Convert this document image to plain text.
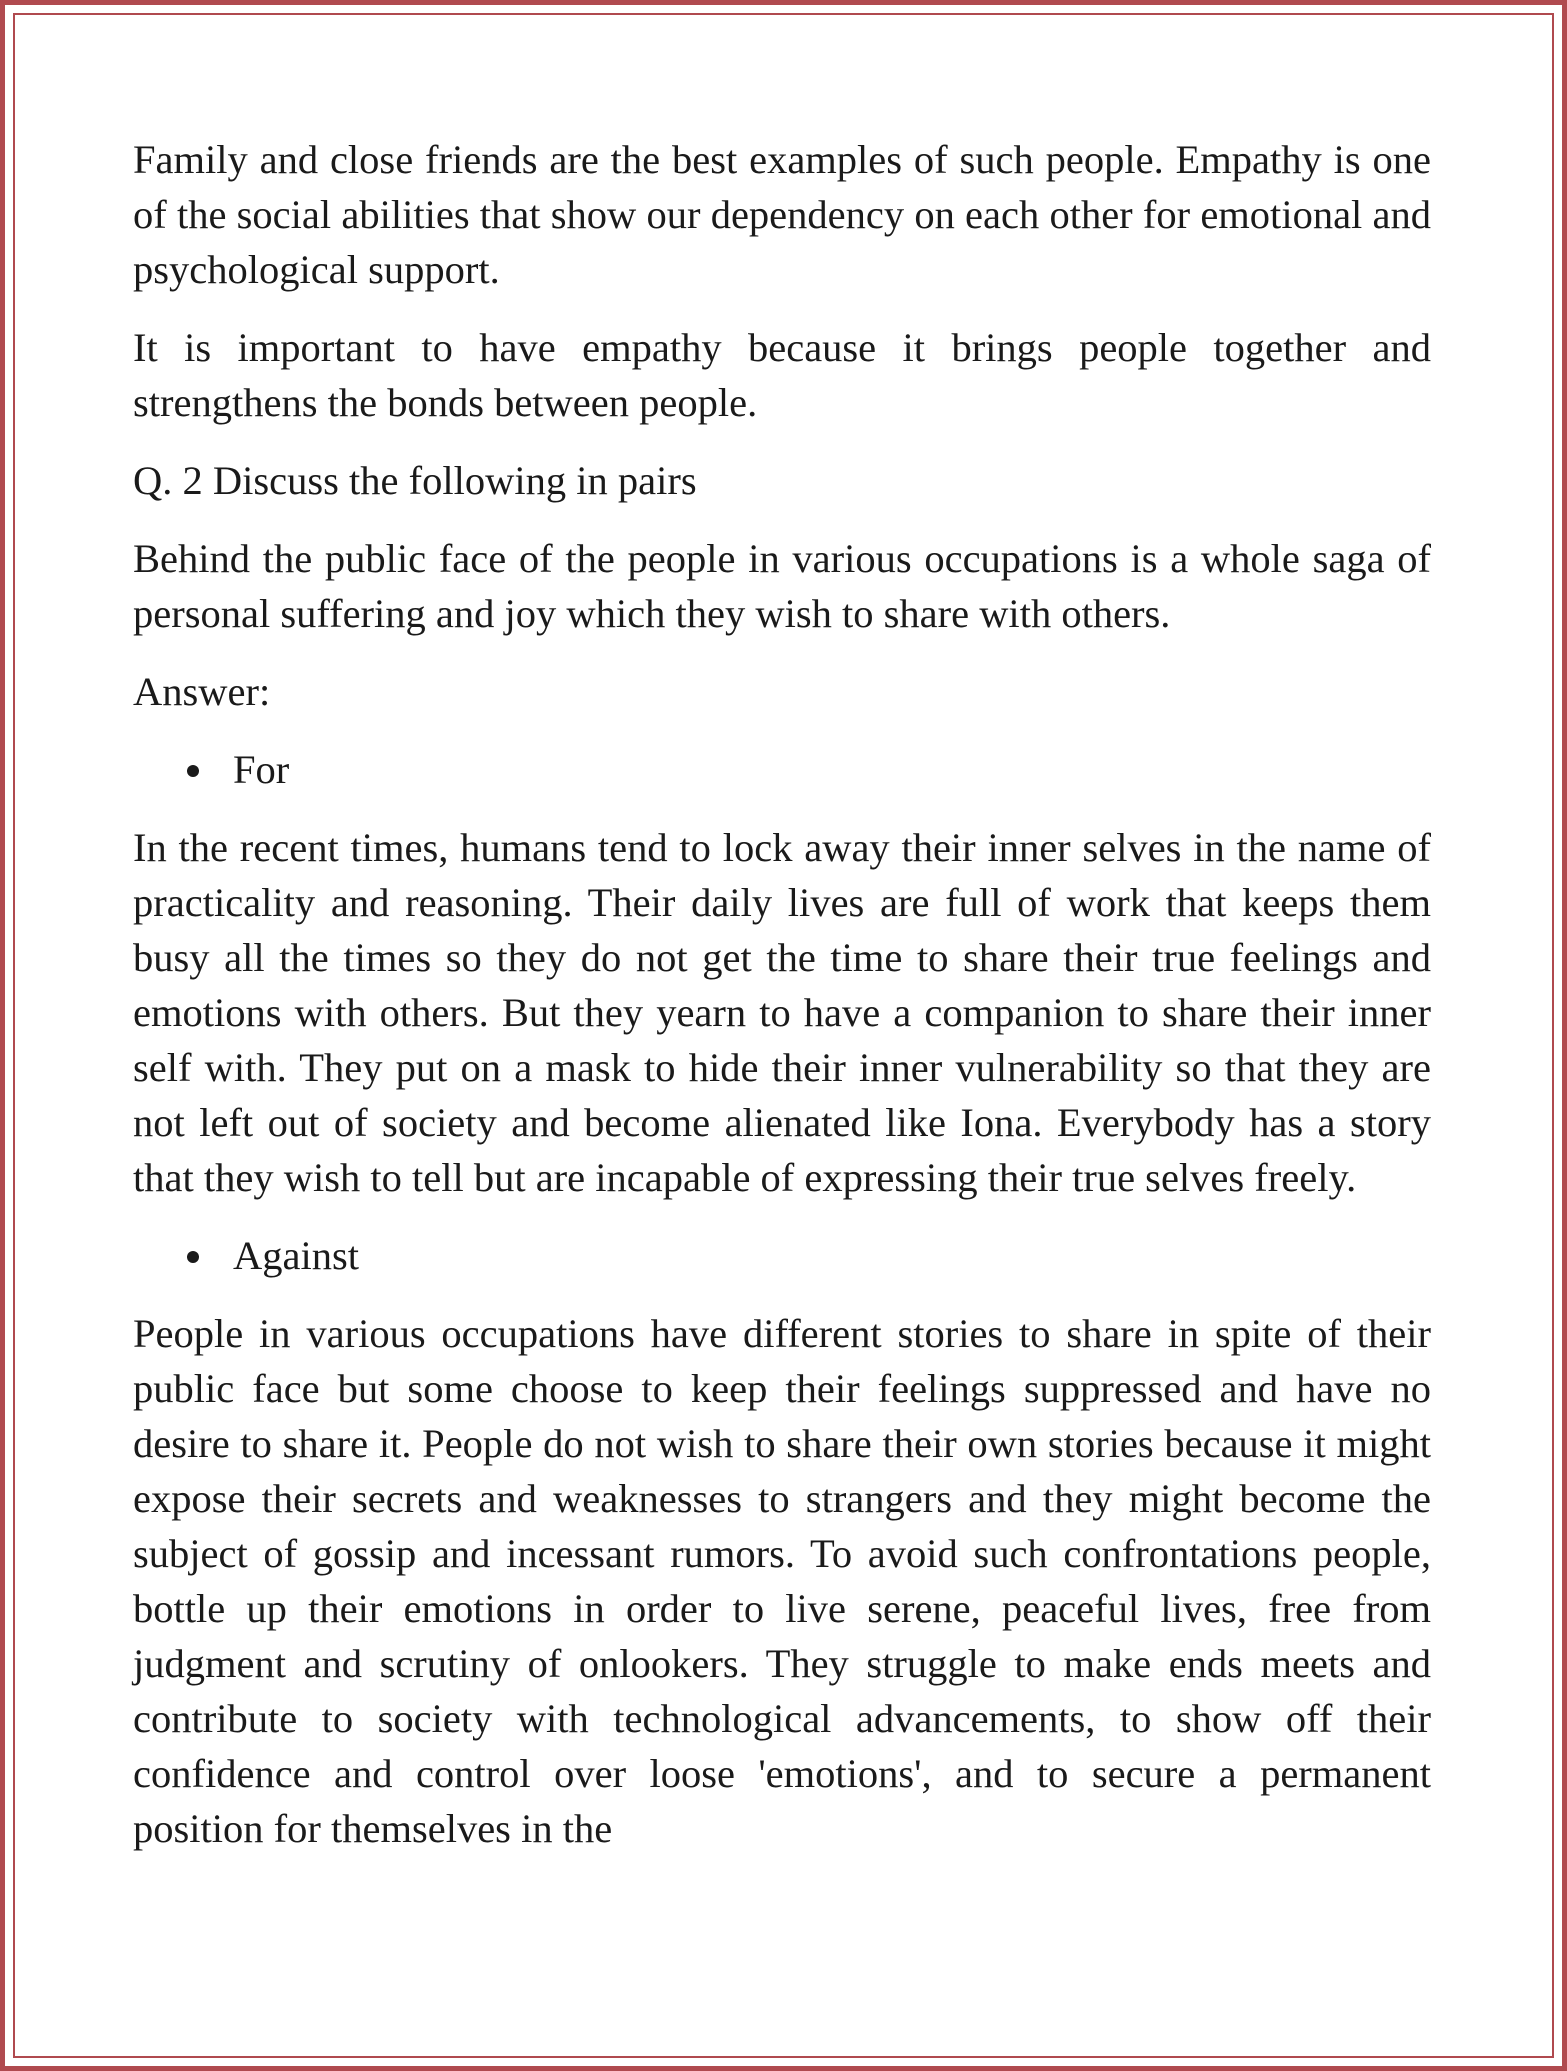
Family and close friends are the best examples of such people. Empathy is one of the social abilities that show our dependency on each other for emotional and psychological support.

It is important to have empathy because it brings people together and strengthens the bonds between people.

Q. 2 Discuss the following in pairs

Behind the public face of the people in various occupations is a whole saga of personal suffering and joy which they wish to share with others.

Answer:

For

In the recent times, humans tend to lock away their inner selves in the name of practicality and reasoning. Their daily lives are full of work that keeps them busy all the times so they do not get the time to share their true feelings and emotions with others. But they yearn to have a companion to share their inner self with. They put on a mask to hide their inner vulnerability so that they are not left out of society and become alienated like Iona. Everybody has a story that they wish to tell but are incapable of expressing their true selves freely.

Against

People in various occupations have different stories to share in spite of their public face but some choose to keep their feelings suppressed and have no desire to share it. People do not wish to share their own stories because it might expose their secrets and weaknesses to strangers and they might become the subject of gossip and incessant rumors. To avoid such confrontations people, bottle up their emotions in order to live serene, peaceful lives, free from judgment and scrutiny of onlookers. They struggle to make ends meets and contribute to society with technological advancements, to show off their confidence and control over loose 'emotions', and to secure a permanent position for themselves in the
